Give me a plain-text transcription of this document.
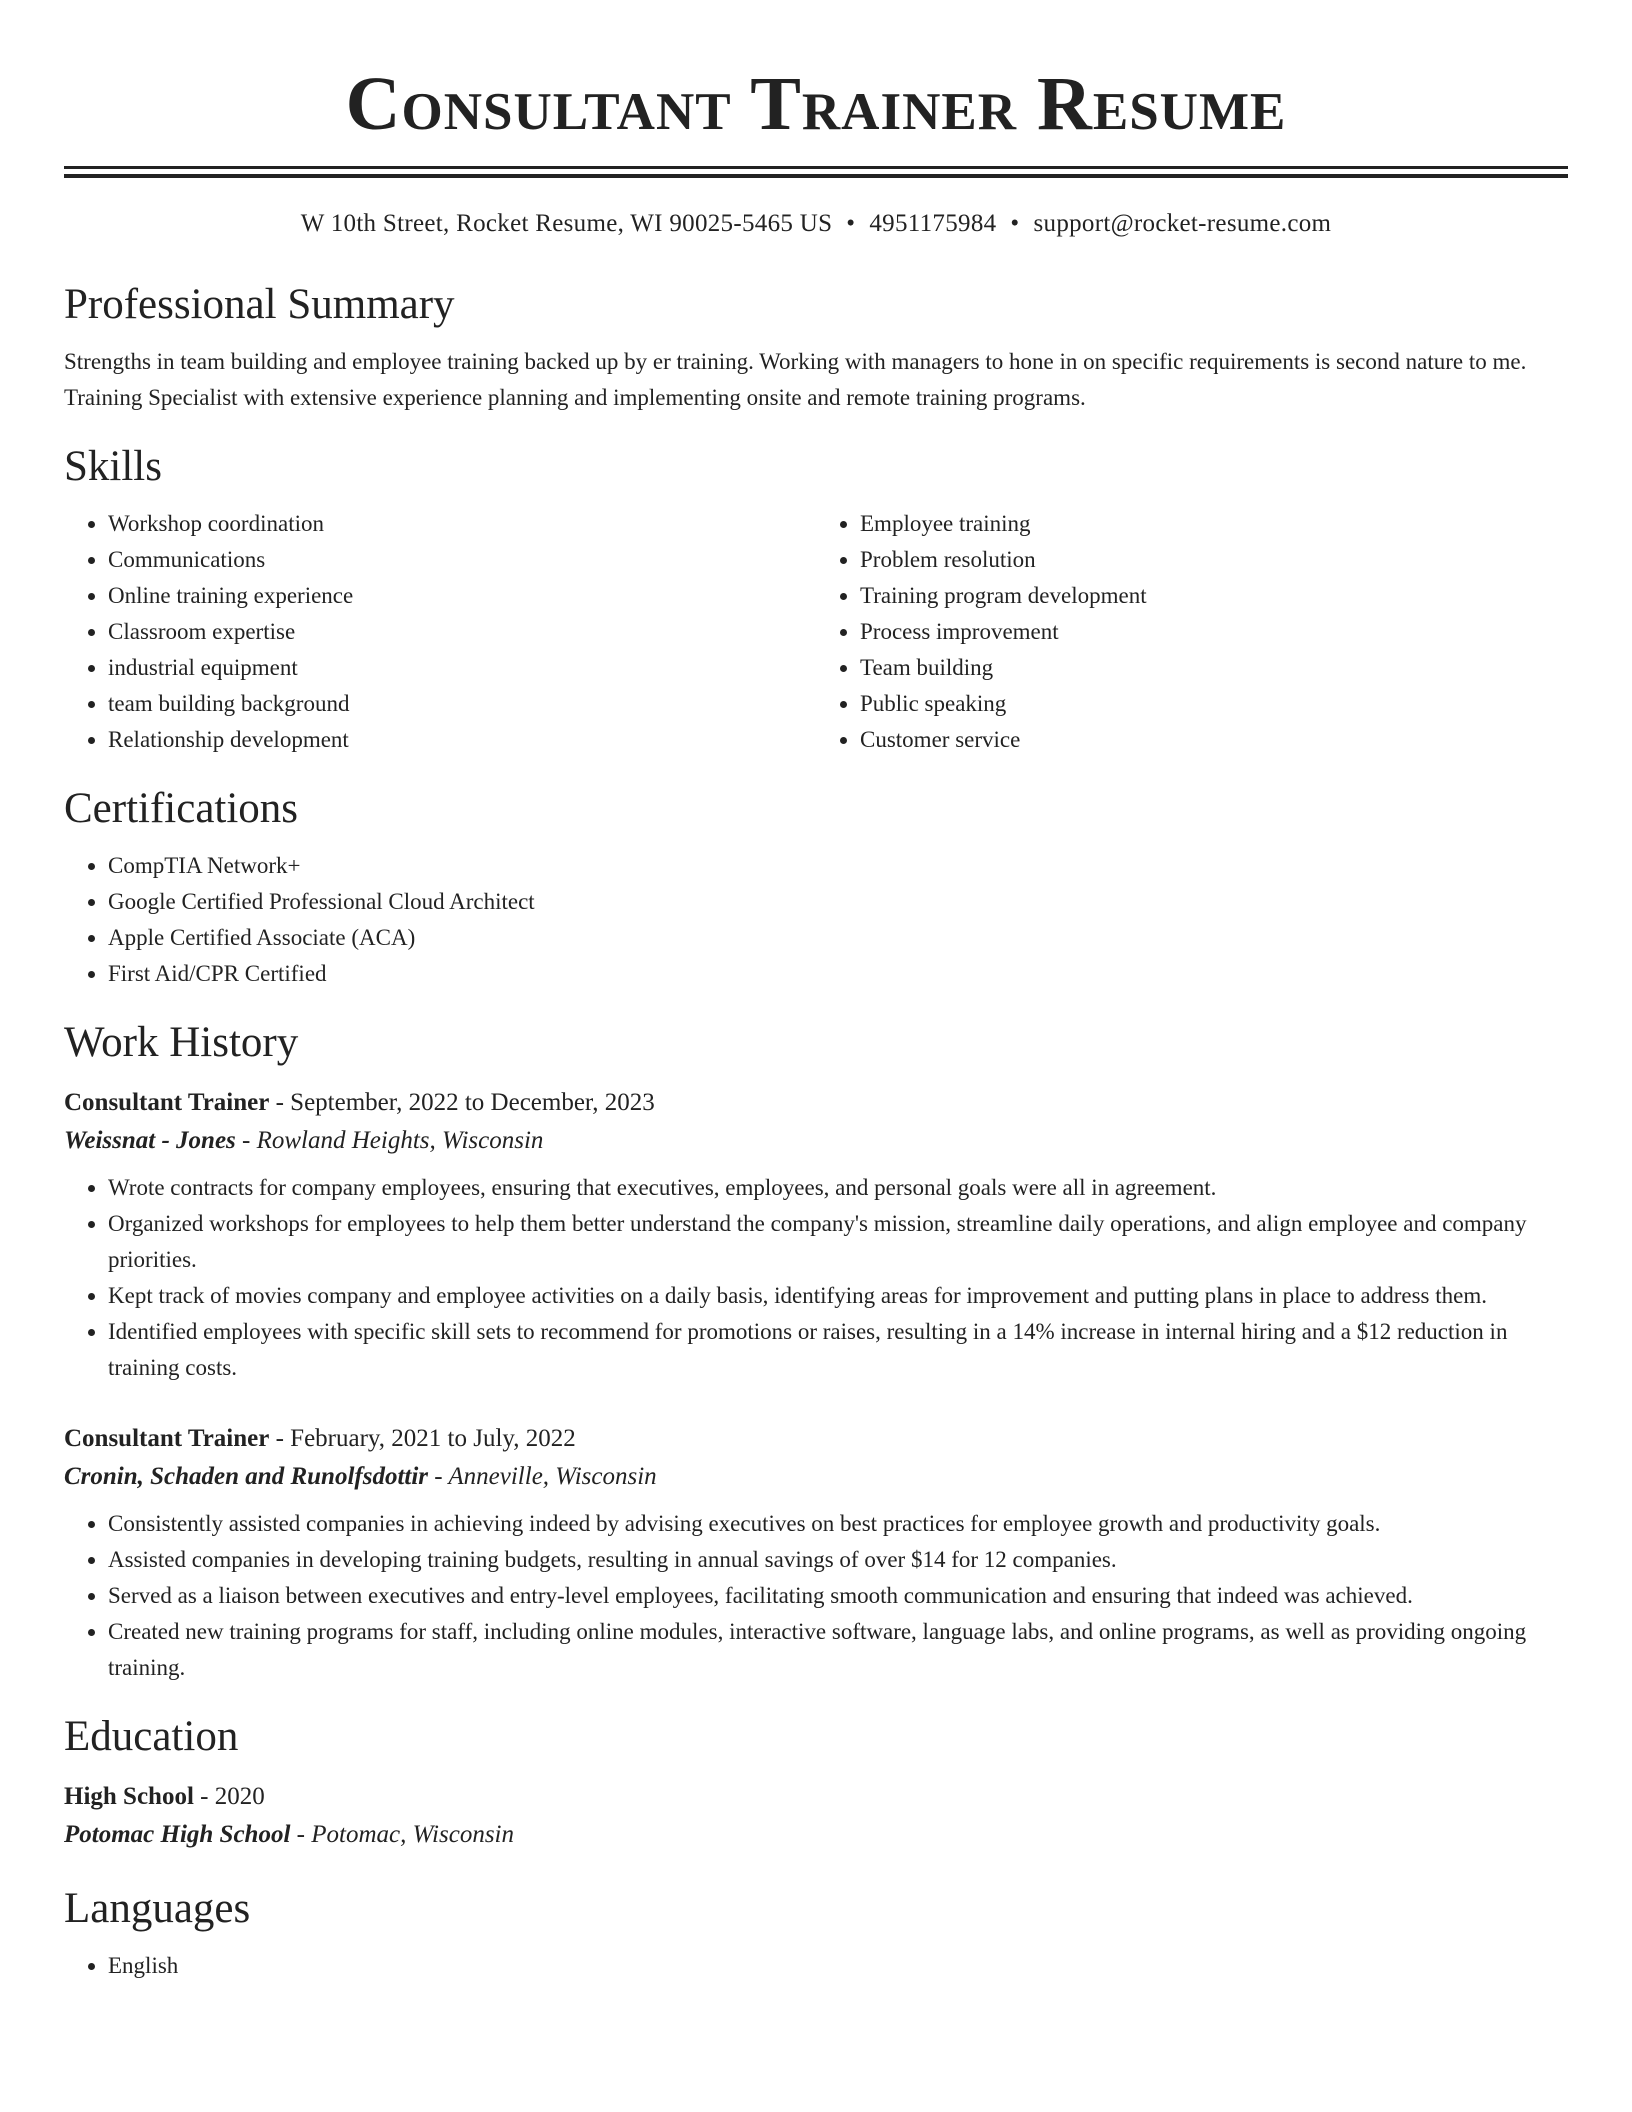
Consultant Trainer Resume
W 10th Street, Rocket Resume, WI 90025-5465 US • 4951175984 • support@rocket-resume.com
Professional Summary

Strengths in team building and employee training backed up by er training. Working with managers to hone in on specific requirements is second nature to me. Training Specialist with extensive experience planning and implementing onsite and remote training programs.

Skills
• Workshop coordination
• Communications
• Online training experience
• Classroom expertise
• industrial equipment
• team building background
• Relationship development
• Employee training
• Problem resolution
• Training program development
• Process improvement
• Team building
• Public speaking
• Customer service
Certifications
• CompTIA Network+
• Google Certified Professional Cloud Architect
• Apple Certified Associate (ACA)
• First Aid/CPR Certified
Work History
Consultant Trainer - September, 2022 to December, 2023
Weissnat - Jones - Rowland Heights, Wisconsin
• Wrote contracts for company employees, ensuring that executives, employees, and personal goals were all in agreement.
• Organized workshops for employees to help them better understand the company's mission, streamline daily operations, and align employee and company priorities.
• Kept track of movies company and employee activities on a daily basis, identifying areas for improvement and putting plans in place to address them.
• Identified employees with specific skill sets to recommend for promotions or raises, resulting in a 14% increase in internal hiring and a $12 reduction in training costs.
Consultant Trainer - February, 2021 to July, 2022
Cronin, Schaden and Runolfsdottir - Anneville, Wisconsin
• Consistently assisted companies in achieving indeed by advising executives on best practices for employee growth and productivity goals.
• Assisted companies in developing training budgets, resulting in annual savings of over $14 for 12 companies.
• Served as a liaison between executives and entry-level employees, facilitating smooth communication and ensuring that indeed was achieved.
• Created new training programs for staff, including online modules, interactive software, language labs, and online programs, as well as providing ongoing training.
Education
High School - 2020
Potomac High School - Potomac, Wisconsin
Languages
• English
